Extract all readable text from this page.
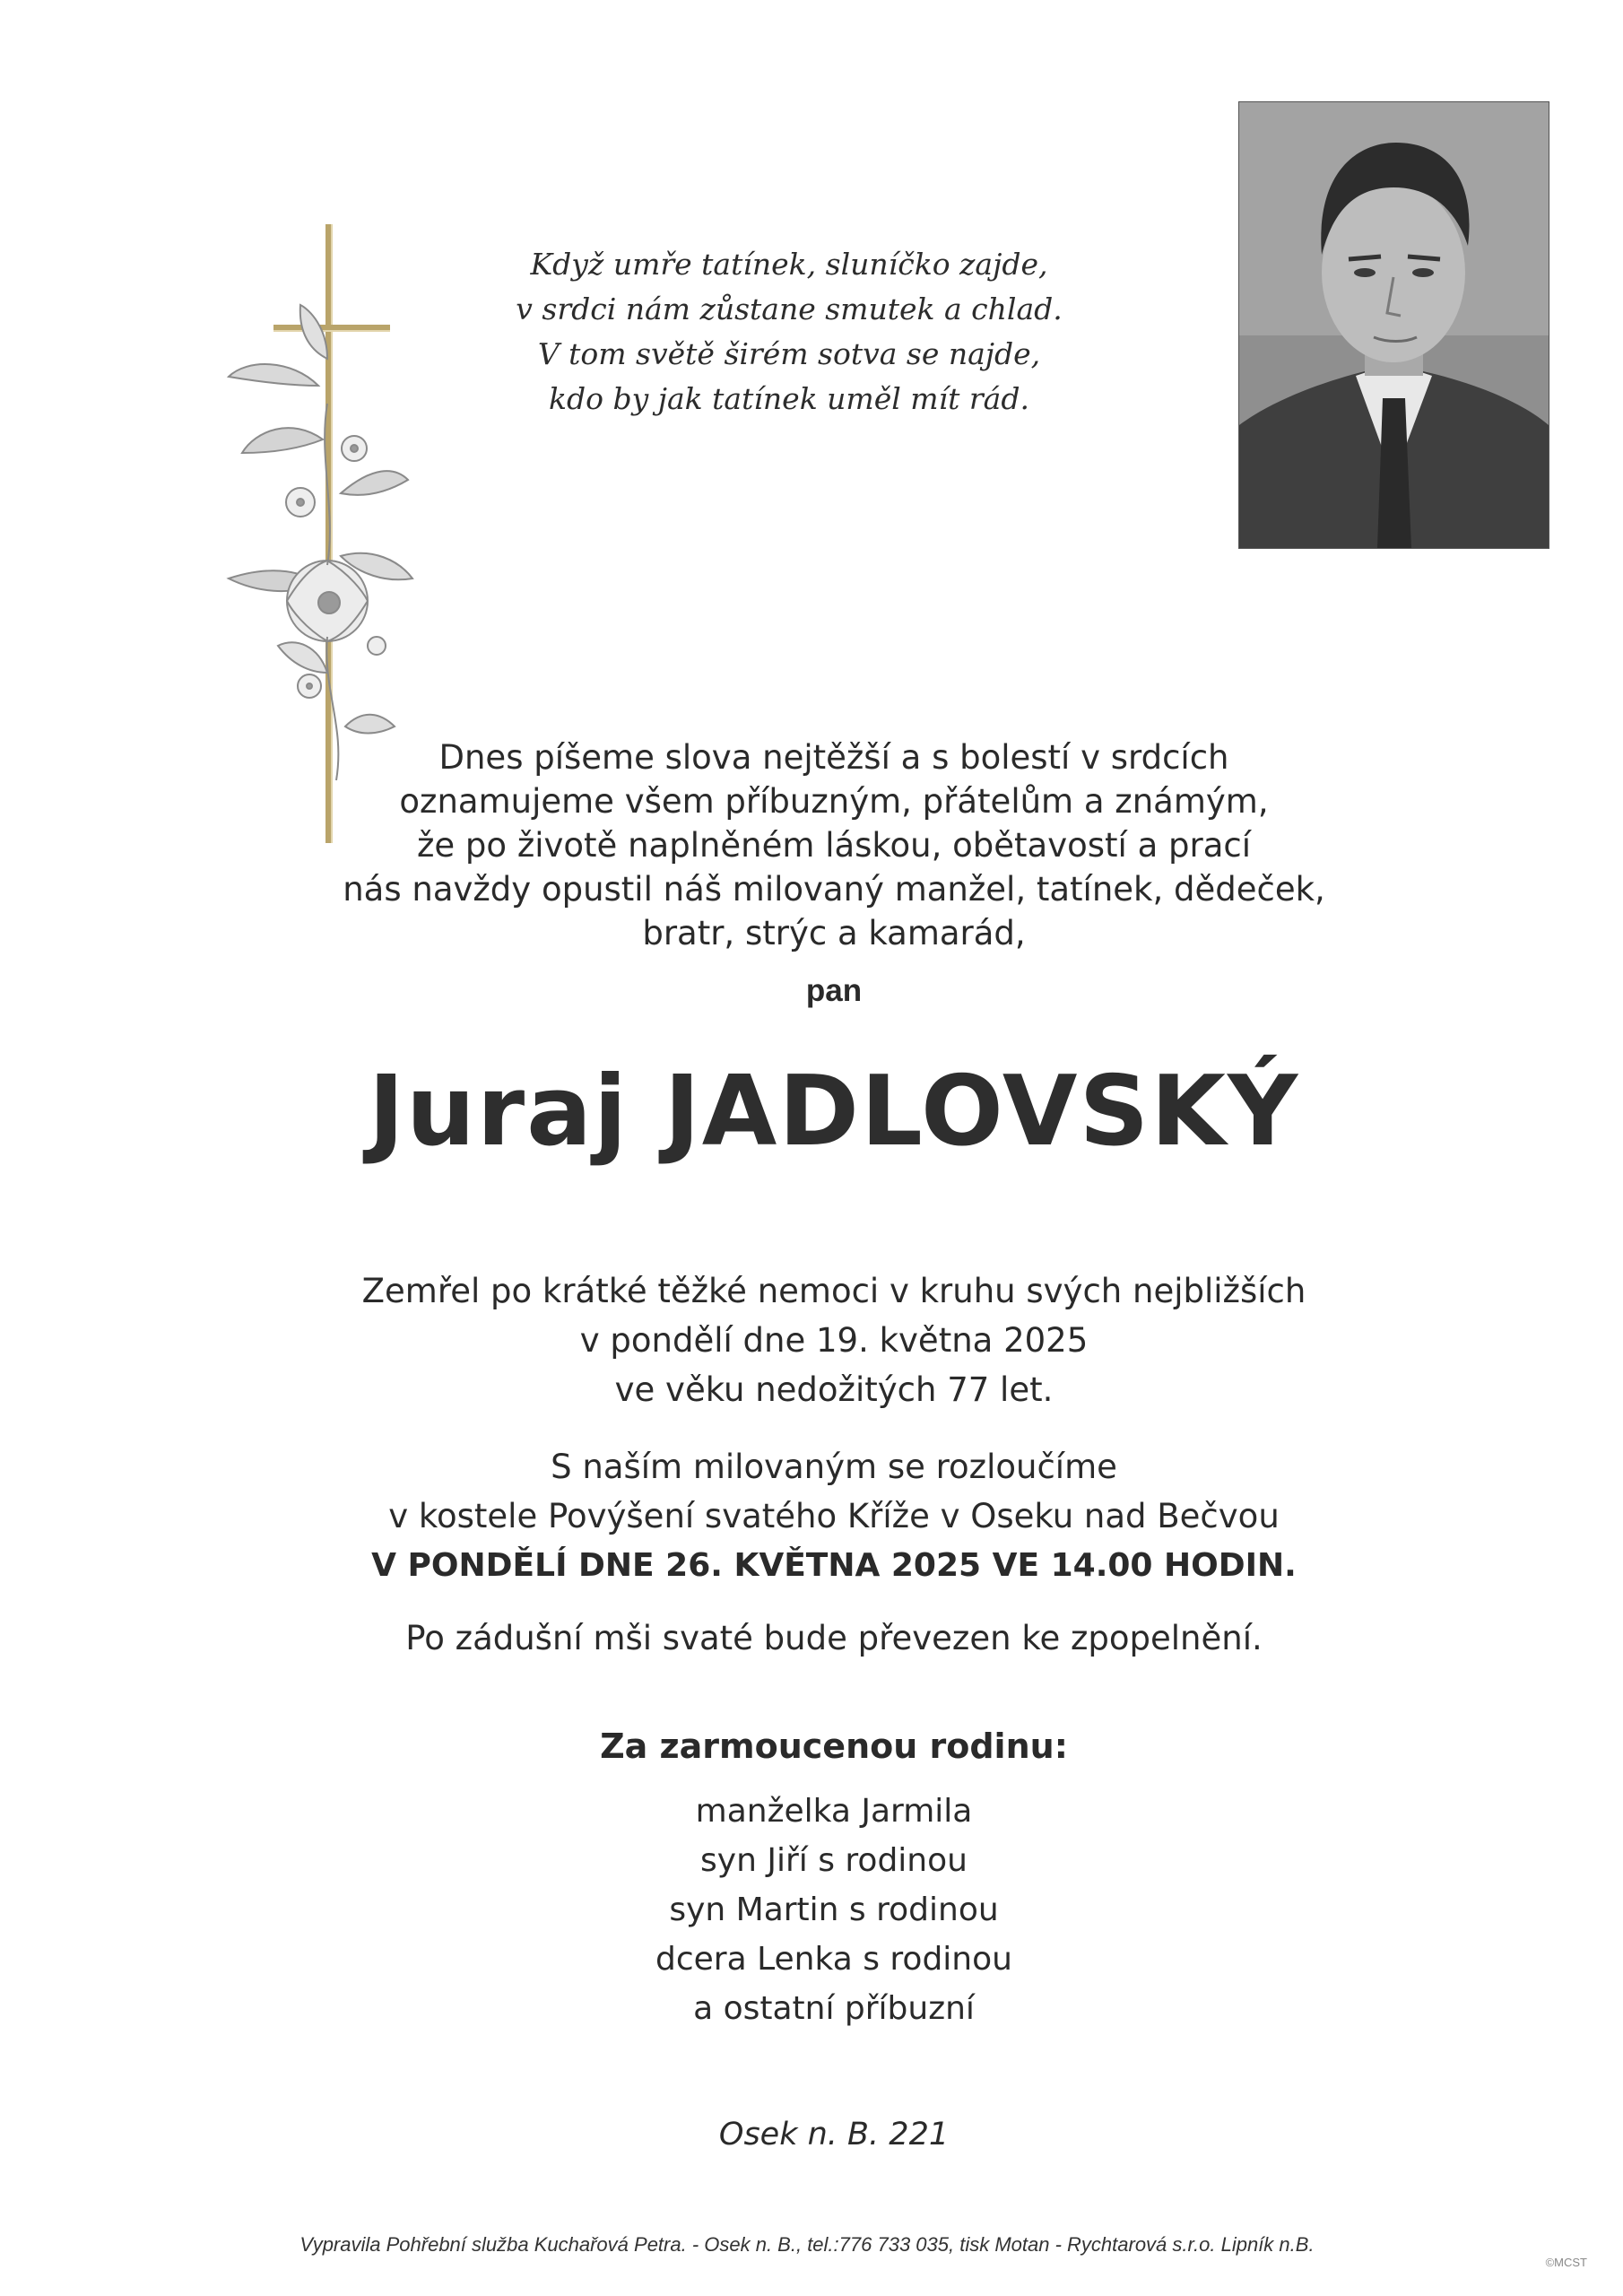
Když umře tatínek, sluníčko zajde,
v srdci nám zůstane smutek a chlad.
V tom světě širém sotva se najde,
kdo by jak tatínek uměl mít rád.
Dnes píšeme slova nejtěžší a s bolestí v srdcích
oznamujeme všem příbuzným, přátelům a známým,
že po životě naplněném láskou, obětavostí a prací
nás navždy opustil náš milovaný manžel, tatínek, dědeček,
bratr, strýc a kamarád,
pan
Juraj JADLOVSKÝ
Zemřel po krátké těžké nemoci v kruhu svých nejbližších
v pondělí dne 19. května 2025
ve věku nedožitých 77 let.
S naším milovaným se rozloučíme
v kostele Povýšení svatého Kříže v Oseku nad Bečvou
V PONDĚLÍ DNE 26. KVĚTNA 2025 VE 14.00 HODIN.
Po zádušní mši svaté bude převezen ke zpopelnění.
Za zarmoucenou rodinu:
manželka Jarmila
syn Jiří s rodinou
syn Martin s rodinou
dcera Lenka s rodinou
a ostatní příbuzní
Osek n. B. 221
Vypravila Pohřební služba Kuchařová Petra. - Osek n. B., tel.:776 733 035, tisk Motan - Rychtarová s.r.o. Lipník n.B.
©MCST
